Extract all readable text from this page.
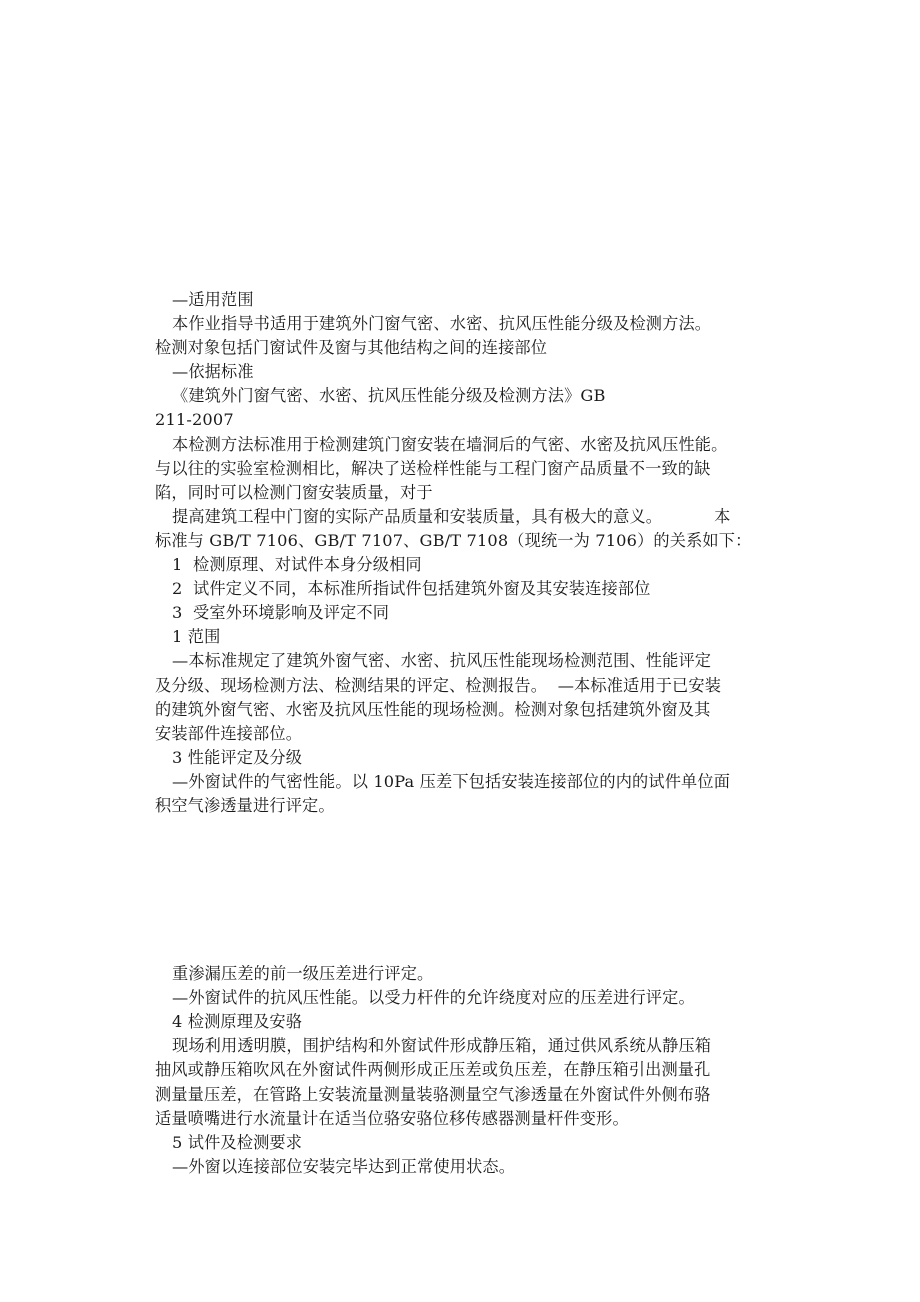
—适用范围
本作业指导书适用于建筑外门窗气密、水密、抗风压性能分级及检测方法。
检测对象包括门窗试件及窗与其他结构之间的连接部位
—依据标准
《建筑外门窗气密、水密、抗风压性能分级及检测方法》GB
211-2007
本检测方法标准用于检测建筑门窗安装在墙洞后的气密、水密及抗风压性能。
与以往的实验室检测相比，解决了送检样性能与工程门窗产品质量不一致的缺
陷，同时可以检测门窗安装质量，对于
提高建筑工程中门窗的实际产品质量和安装质量，具有极大的意义。	本
标准与 GB/T 7106、GB/T 7107、GB/T 7108（现统一为 7106）的关系如下：
1  检测原理、对试件本身分级相同
2  试件定义不同，本标准所指试件包括建筑外窗及其安装连接部位
3  受室外环境影响及评定不同
1 范围
—本标准规定了建筑外窗气密、水密、抗风压性能现场检测范围、性能评定
及分级、现场检测方法、检测结果的评定、检测报告。  —本标准适用于已安装
的建筑外窗气密、水密及抗风压性能的现场检测。检测对象包括建筑外窗及其
安装部件连接部位。
3 性能评定及分级
—外窗试件的气密性能。以 10Pa 压差下包括安装连接部位的内的试件单位面
积空气渗透量进行评定。
重渗漏压差的前一级压差进行评定。
—外窗试件的抗风压性能。以受力杆件的允许绕度对应的压差进行评定。
4 检测原理及安骆
现场利用透明膜，围护结构和外窗试件形成静压箱，通过供风系统从静压箱
抽风或静压箱吹风在外窗试件两侧形成正压差或负压差，在静压箱引出测量孔
测量量压差，在管路上安装流量测量装骆测量空气渗透量在外窗试件外侧布骆
适量喷嘴进行水流量计在适当位骆安骆位移传感器测量杆件变形。
5 试件及检测要求
—外窗以连接部位安装完毕达到正常使用状态。
